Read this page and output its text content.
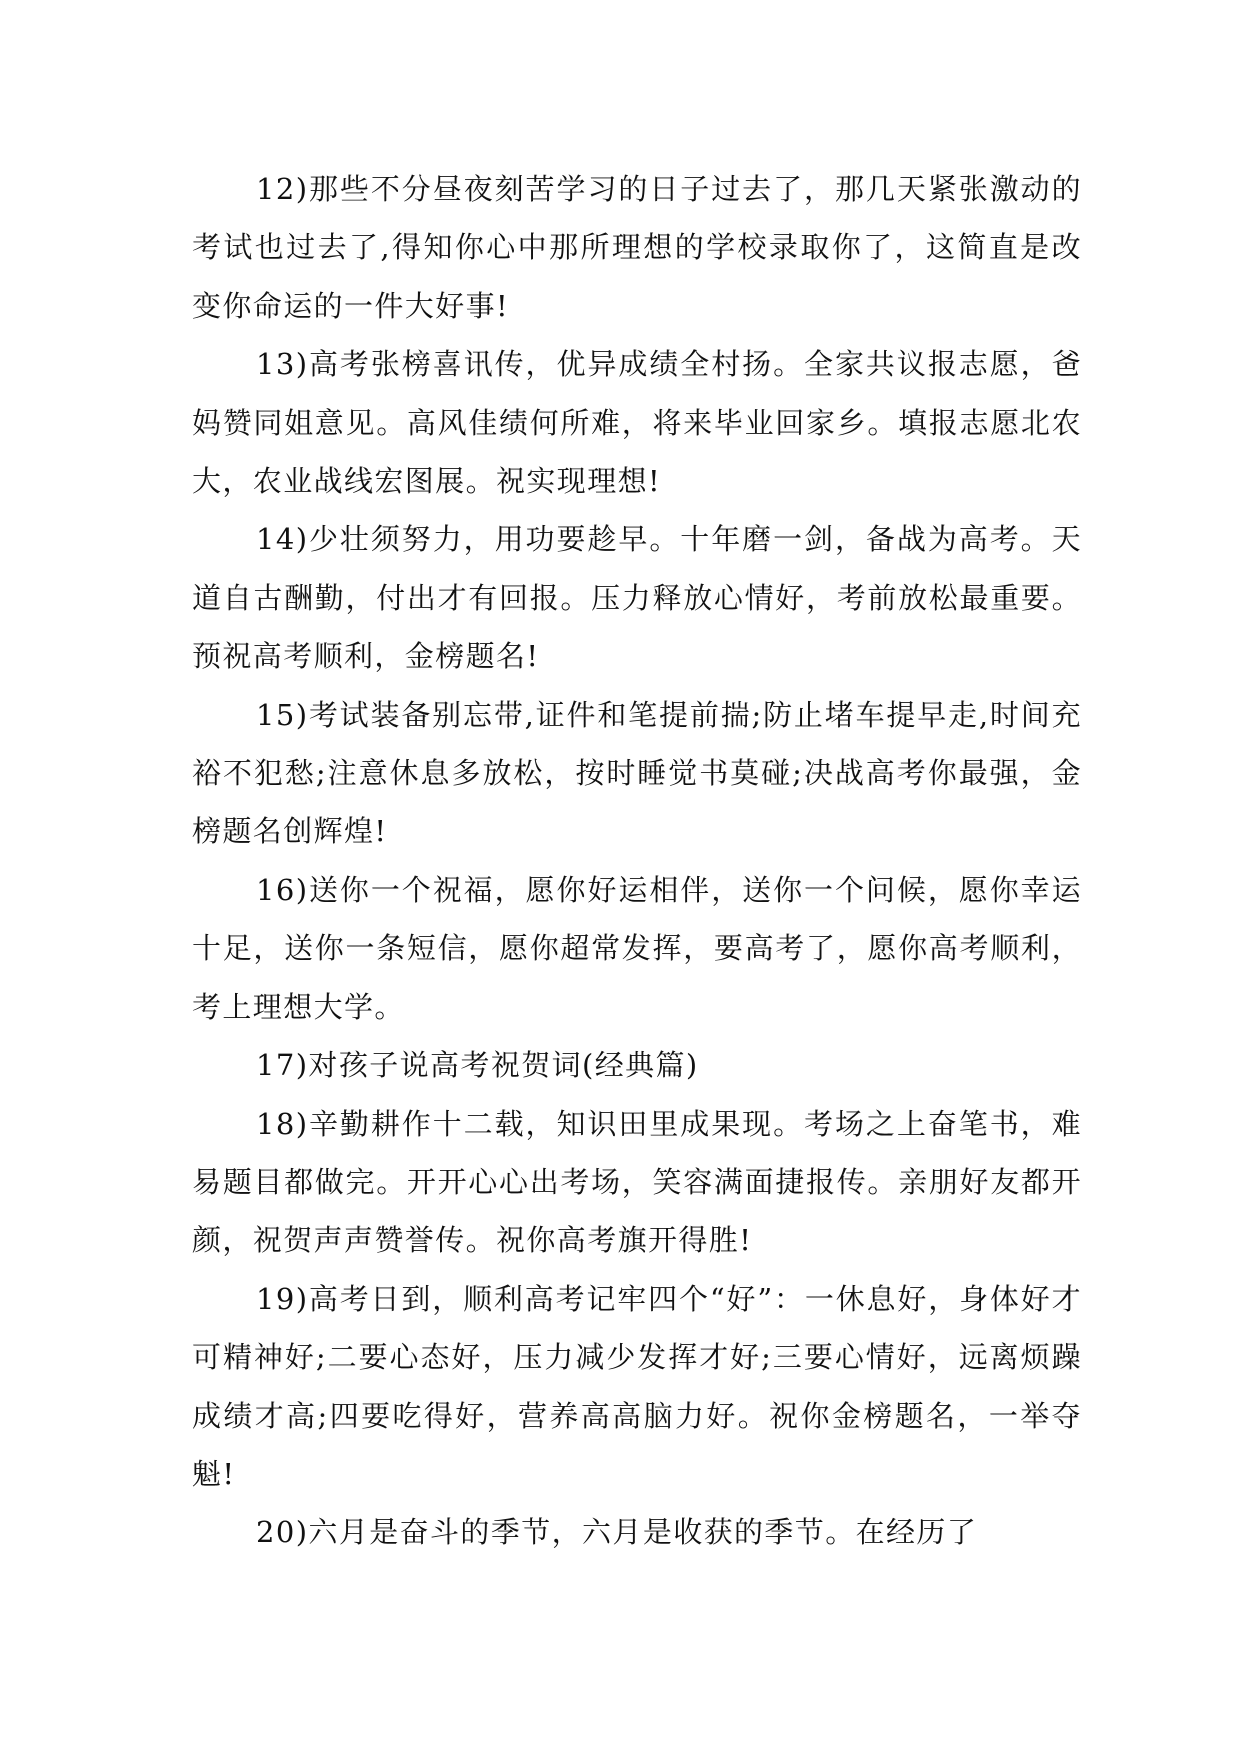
12)那些不分昼夜刻苦学习的日子过去了，那几天紧张激动的考试也过去了,得知你心中那所理想的学校录取你了，这简直是改变你命运的一件大好事!

13)高考张榜喜讯传，优异成绩全村扬。全家共议报志愿，爸妈赞同姐意见。高风佳绩何所难，将来毕业回家乡。填报志愿北农大，农业战线宏图展。祝实现理想!

14)少壮须努力，用功要趁早。十年磨一剑，备战为高考。天道自古酬勤，付出才有回报。压力释放心情好，考前放松最重要。预祝高考顺利，金榜题名!

15)考试装备别忘带,证件和笔提前揣;防止堵车提早走,时间充裕不犯愁;注意休息多放松，按时睡觉书莫碰;决战高考你最强，金榜题名创辉煌!

16)送你一个祝福，愿你好运相伴，送你一个问候，愿你幸运十足，送你一条短信，愿你超常发挥，要高考了，愿你高考顺利，考上理想大学。

17)对孩子说高考祝贺词(经典篇)

18)辛勤耕作十二载，知识田里成果现。考场之上奋笔书，难易题目都做完。开开心心出考场，笑容满面捷报传。亲朋好友都开颜，祝贺声声赞誉传。祝你高考旗开得胜!

19)高考日到，顺利高考记牢四个“好”：一休息好，身体好才可精神好;二要心态好，压力减少发挥才好;三要心情好，远离烦躁成绩才高;四要吃得好，营养高高脑力好。祝你金榜题名，一举夺魁!

20)六月是奋斗的季节，六月是收获的季节。在经历了
